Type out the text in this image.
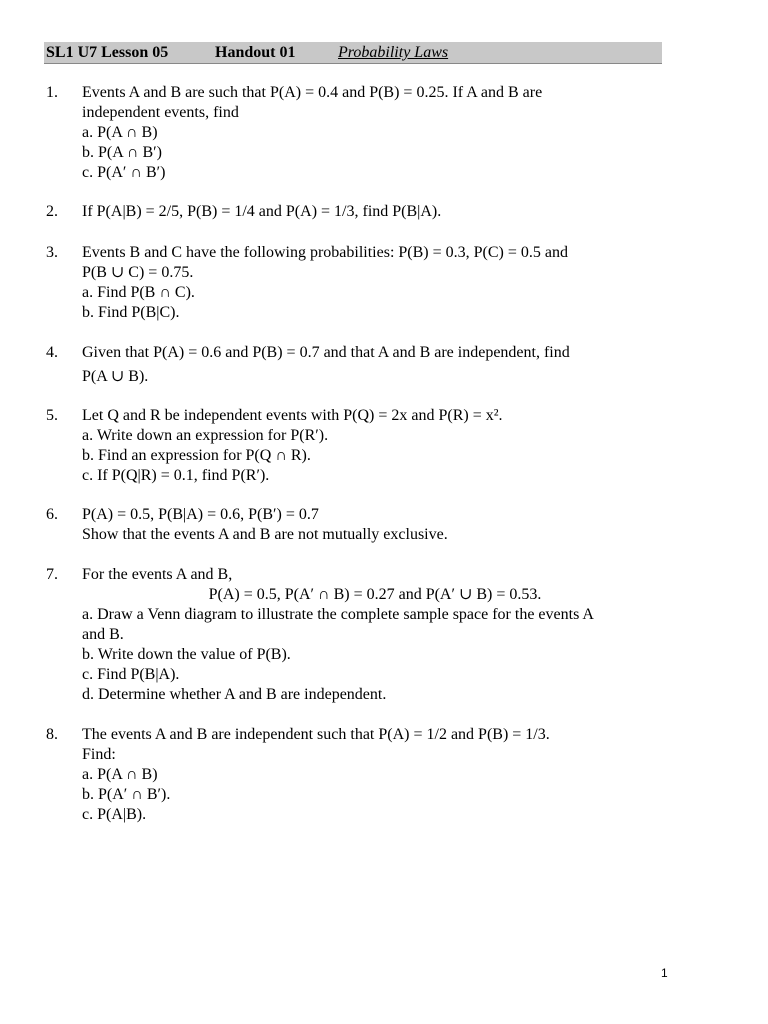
SL1 U7 Lesson 05	Handout 01	Probability Laws
1. Events A and B are such that P(A) = 0.4 and P(B) = 0.25. If A and B are
independent events, find
a. P(A ∩ B)
b. P(A ∩ B′)
c. P(A′ ∩ B′)
2. If P(A|B) = 2/5, P(B) = 1/4 and P(A) = 1/3, find P(B|A).
3. Events B and C have the following probabilities: P(B) = 0.3, P(C) = 0.5 and
P(B ∪ C) = 0.75.
a. Find P(B ∩ C).
b. Find P(B|C).
4. Given that P(A) = 0.6 and P(B) = 0.7 and that A and B are independent, find
P(A ∪ B).
5. Let Q and R be independent events with P(Q) = 2x and P(R) = x².
a. Write down an expression for P(R′).
b. Find an expression for P(Q ∩ R).
c. If P(Q|R) = 0.1, find P(R′).
6. P(A) = 0.5, P(B|A) = 0.6, P(B′) = 0.7
Show that the events A and B are not mutually exclusive.
7. For the events A and B,
P(A) = 0.5, P(A′ ∩ B) = 0.27 and P(A′ ∪ B) = 0.53.
a. Draw a Venn diagram to illustrate the complete sample space for the events A
and B.
b. Write down the value of P(B).
c. Find P(B|A).
d. Determine whether A and B are independent.
8. The events A and B are independent such that P(A) = 1/2 and P(B) = 1/3.
Find:
a. P(A ∩ B)
b. P(A′ ∩ B′).
c. P(A|B).
1
